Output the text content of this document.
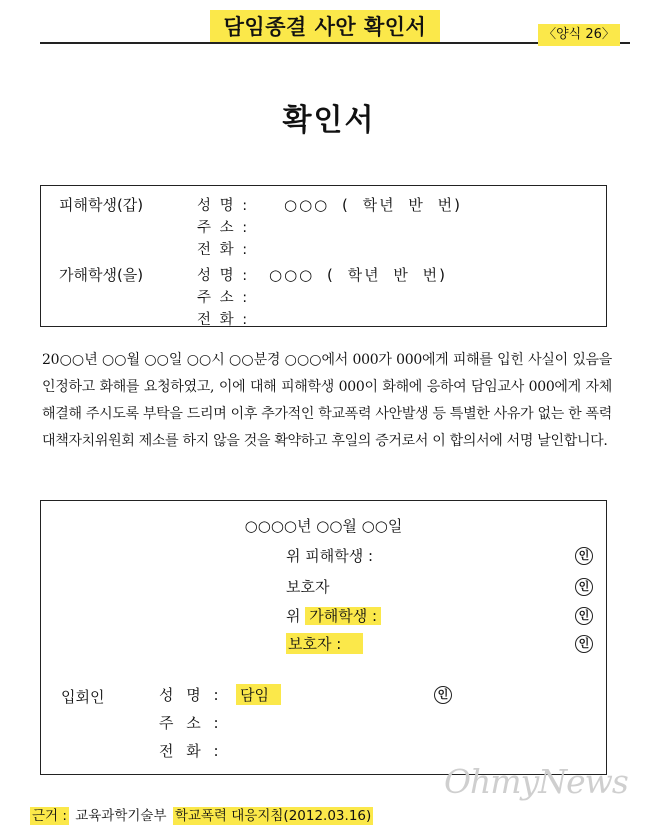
담임종결 사안 확인서	〈양식 26〉
확인서
피해학생(갑)	성 명 : ○○○ ( 학년 반 번)
주 소 :
전 화 :
가해학생(을)	성 명 : ○○○ ( 학년 반 번)
주 소 :
전 화 :
20○○년 ○○월 ○○일 ○○시 ○○분경 ○○○에서 000가 000에게 피해를 입힌 사실이 있음을 인정하고 화해를 요청하였고, 이에 대해 피해학생 000이 화해에 응하여 담임교사 000에게 자체 해결해 주시도록 부탁을 드리며 이후 추가적인 학교폭력 사안발생 등 특별한 사유가 없는 한 폭력대책자치위원회 제소를 하지 않을 것을 확약하고 후일의 증거로서 이 합의서에 서명 날인합니다.
○○○○년 ○○월 ○○일
위 피해학생 :	인
보호자	인
위 가해학생 :	인
보호자 :	인
입회인	성 명 : 담임	인
주 소 :
전 화 :
OhmyNews
근거 : 교육과학기술부 학교폭력 대응지침(2012.03.16)
